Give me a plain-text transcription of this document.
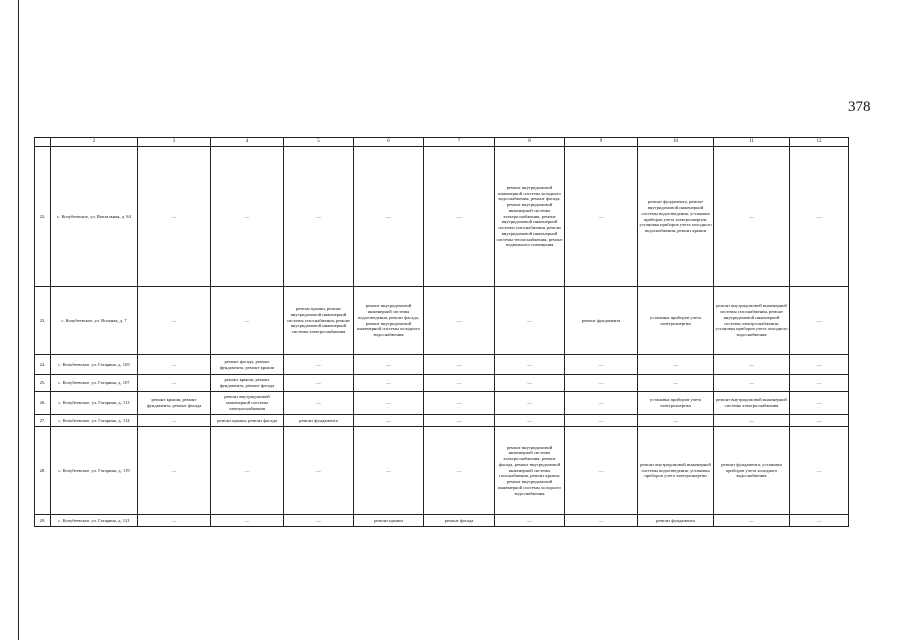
378
	2	3	4	5	6	7	8	9	10	11	12
22.	с. Кочубеевское, ул. Вокзальная, д. 84	—	—	—	—	—	ремонт внутридомовой инженерной системы холодного водоснабжения, ремонт фасада, ремонт внутридомовой инженерной системы электроснабжения, ремонт внутридомовой инженерной системы газоснабжения, ремонт внутридомовой инженерной системы теплоснабжения, ремонт подвального помещения	—	ремонт фундамента, ремонт внутридомовой инженерной системы водоотведения, установка приборов учета электроэнергии, установка приборов учета холодного водоснабжения, ремонт крыши	—	—
23.	с. Кочубеевское, ул. Вольная, д. 7	—	—	ремонт крыши, ремонт внутридомовой инженерной системы газоснабжения, ремонт внутридомовой инженерной системы электроснабжения	ремонт внутридомовой инженерной системы водоотведения, ремонт фасада, ремонт внутридомовой инженерной системы холодного водоснабжения	—	—	ремонт фундамента	установка приборов учета электроэнергии	ремонт внутридомовой инженерной системы газоснабжения, ремонт внутридомовой инженерной системы электроснабжения, установка приборов учета холодного водоснабжения	—
24.	с. Кочубеевское, ул. Гагарина, д. 105	—	ремонт фасада, ремонт фундамента, ремонт крыши	—	—	—	—	—	—	—	—
25.	с. Кочубеевское, ул. Гагарина, д. 107	—	ремонт крыши, ремонт фундамента, ремонт фасада	—	—	—	—	—	—	—	—
26.	с. Кочубеевское, ул. Гагарина, д. 113	ремонт крыши, ремонт фундамента, ремонт фасада	ремонт внутридомовой инженерной системы электроснабжения	—	—	—	—	—	установка приборов учета электроэнергии	ремонт внутридомовой инженерной системы электроснабжения	—
27.	с. Кочубеевское, ул. Гагарина, д. 114	—	ремонт крыши, ремонт фасада	ремонт фундамента	—	—	—	—	—	—	—
28.	с. Кочубеевское, ул. Гагарина, д. 119	—	—	—	—	—	ремонт внутридомовой инженерной системы электроснабжения, ремонт фасада, ремонт внутридомовой инженерной системы газоснабжения, ремонт крыши, ремонт внутридомовой инженерной системы холодного водоснабжения	—	ремонт внутридомовой инженерной системы водоотведения, установка приборов учета электроэнергии	ремонт фундамента, установка приборов учета холодного водоснабжения	—
29.	с. Кочубеевское, ул. Гагарина, д. 121	—	—	—	ремонт крыши	ремонт фасада	—	—	ремонт фундамента	—	—
